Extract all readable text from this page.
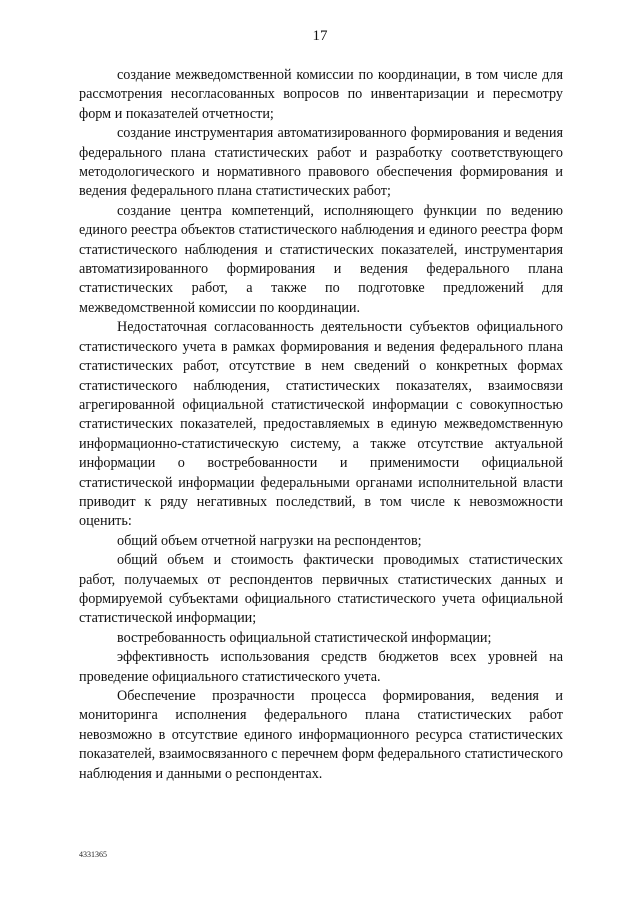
17

создание межведомственной комиссии по координации, в том числе для рассмотрения несогласованных вопросов по инвентаризации и пересмотру форм и показателей отчетности;

создание инструментария автоматизированного формирования и ведения федерального плана статистических работ и разработку соответствующего методологического и нормативного правового обеспечения формирования и ведения федерального плана статистических работ;

создание центра компетенций, исполняющего функции по ведению единого реестра объектов статистического наблюдения и единого реестра форм статистического наблюдения и статистических показателей, инструментария автоматизированного формирования и ведения федерального плана статистических работ, а также по подготовке предложений для межведомственной комиссии по координации.

Недостаточная согласованность деятельности субъектов официального статистического учета в рамках формирования и ведения федерального плана статистических работ, отсутствие в нем сведений о конкретных формах статистического наблюдения, статистических показателях, взаимосвязи агрегированной официальной статистической информации с совокупностью статистических показателей, предоставляемых в единую межведомственную информационно-статистическую систему, а также отсутствие актуальной информации о востребованности и применимости официальной статистической информации федеральными органами исполнительной власти приводит к ряду негативных последствий, в том числе к невозможности оценить:

общий объем отчетной нагрузки на респондентов;

общий объем и стоимость фактически проводимых статистических работ, получаемых от респондентов первичных статистических данных и формируемой субъектами официального статистического учета официальной статистической информации;

востребованность официальной статистической информации;

эффективность использования средств бюджетов всех уровней на проведение официального статистического учета.

Обеспечение прозрачности процесса формирования, ведения и мониторинга исполнения федерального плана статистических работ невозможно в отсутствие единого информационного ресурса статистических показателей, взаимосвязанного с перечнем форм федерального статистического наблюдения и данными о респондентах.

4331365
